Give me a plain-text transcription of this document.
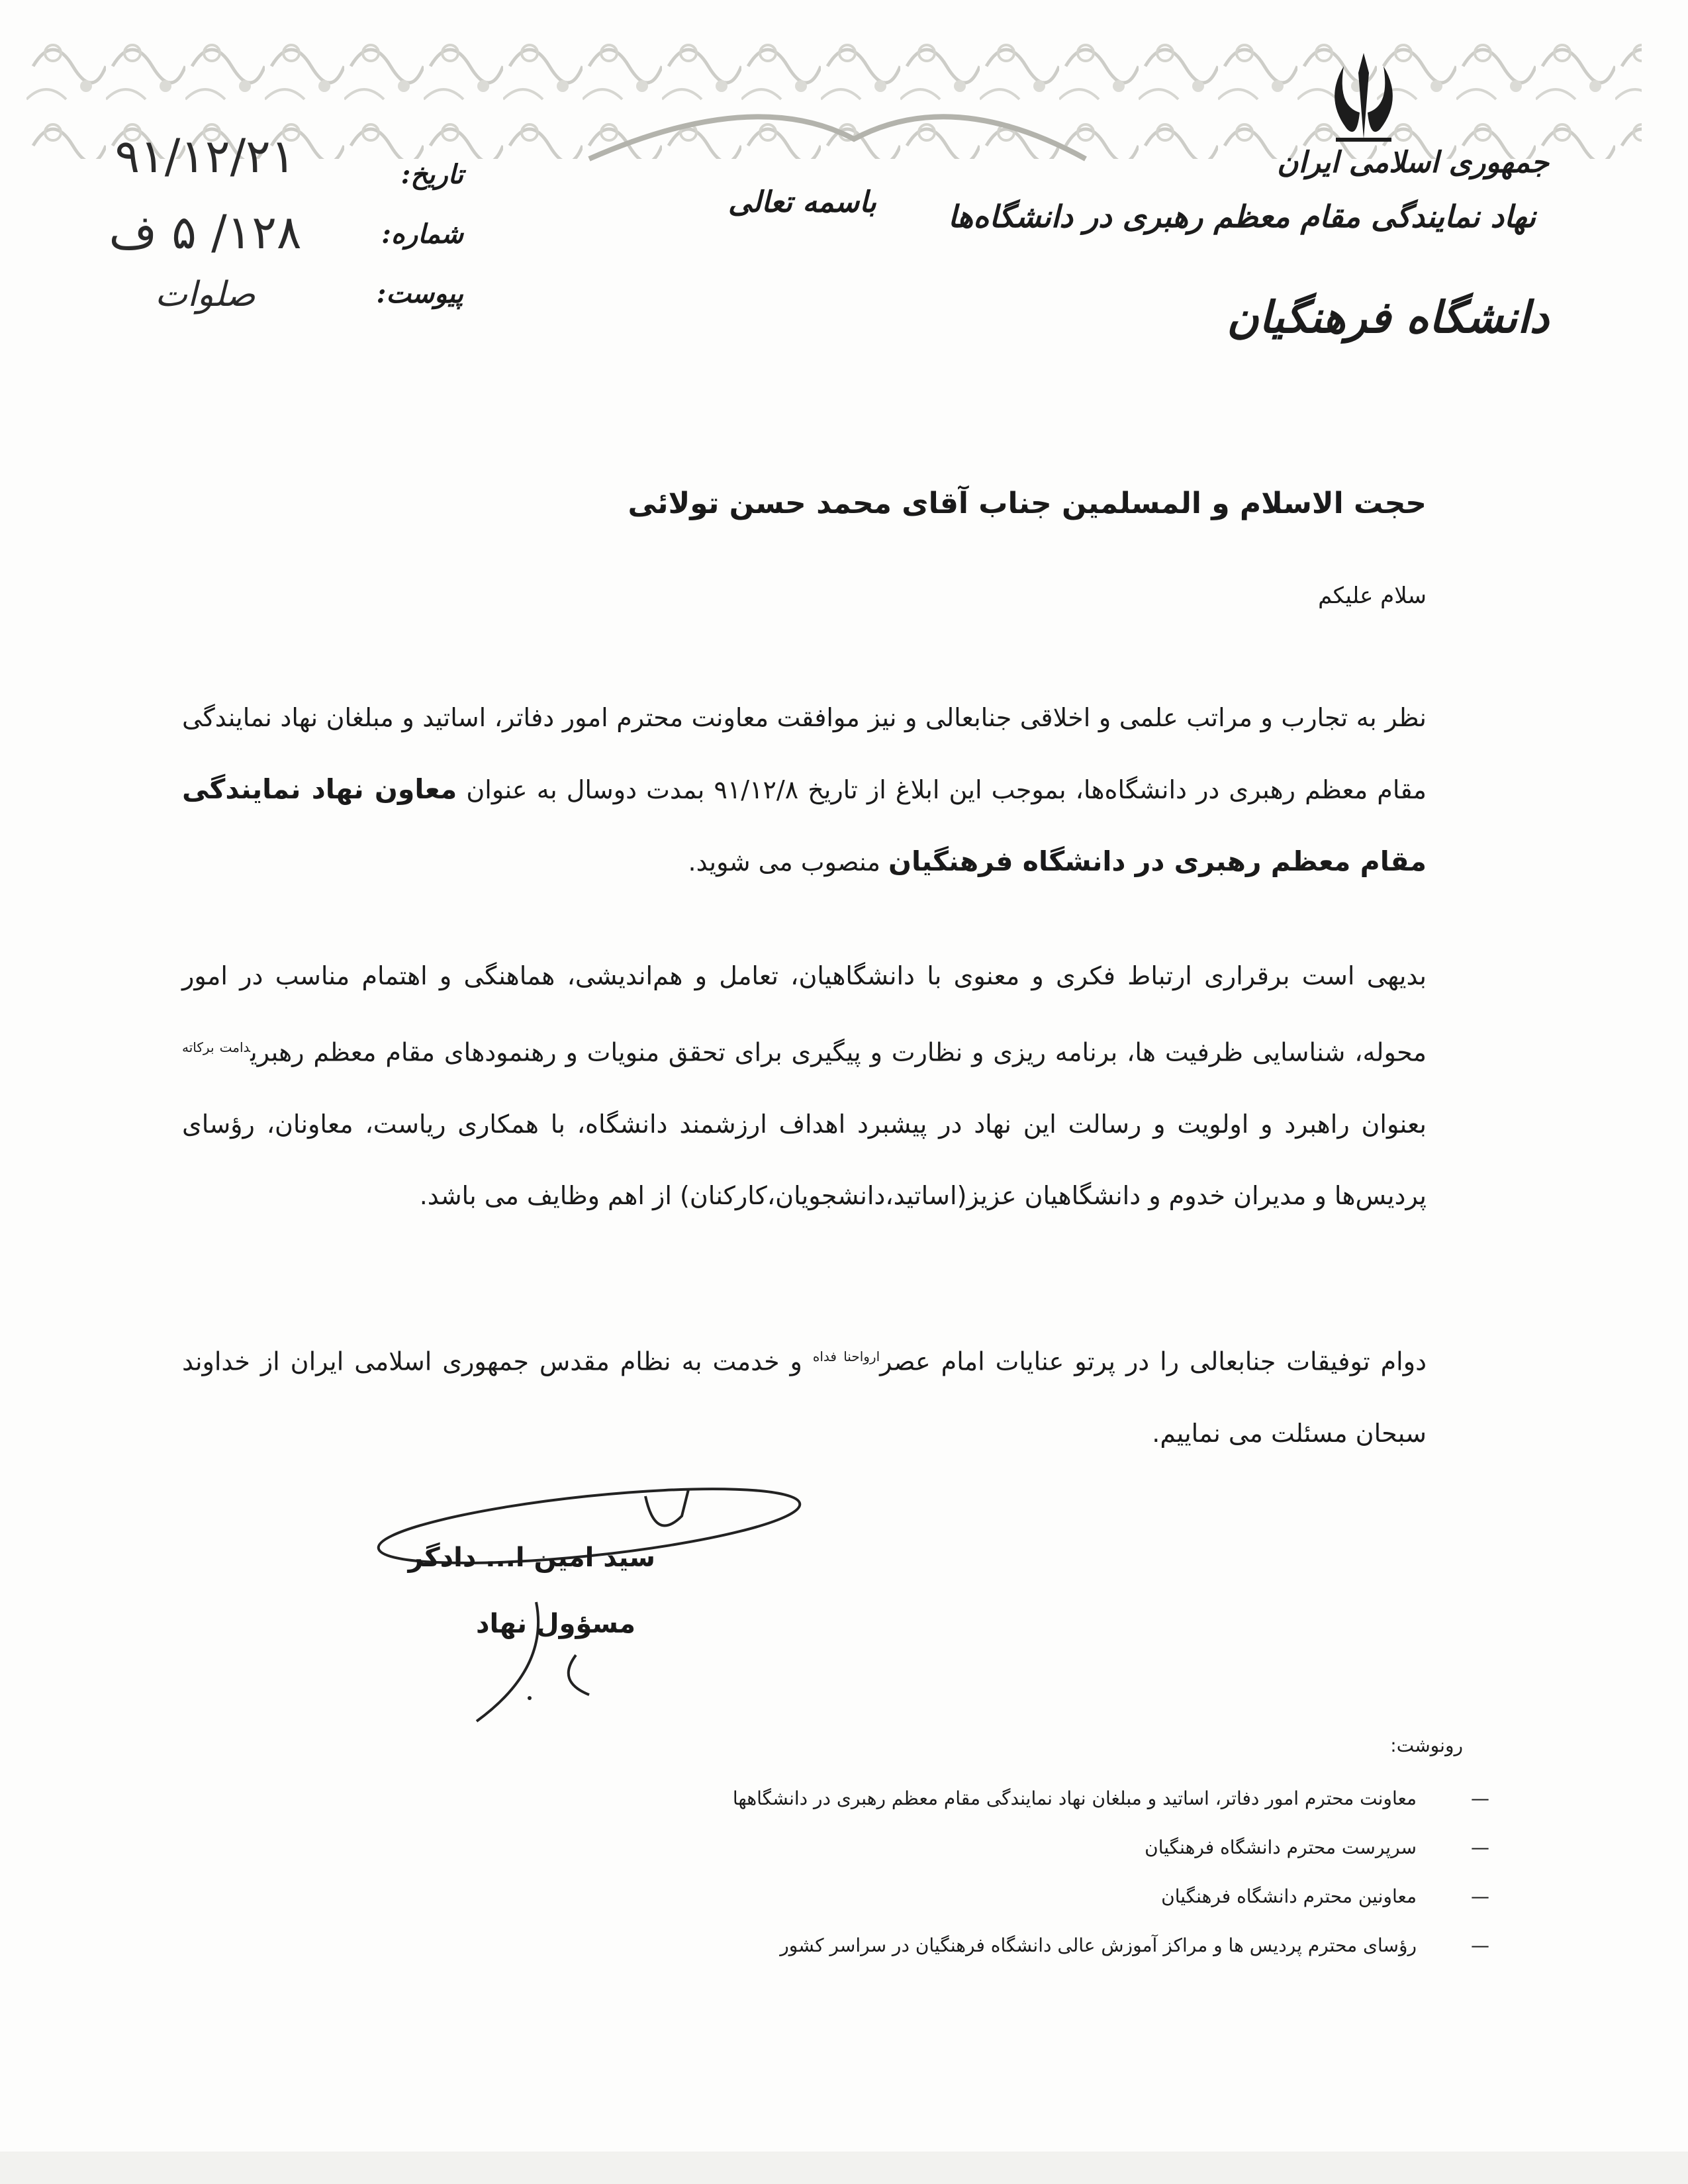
جمهوری اسلامی ایران
نهاد نمایندگی مقام معظم رهبری در دانشگاه‌ها
دانشگاه فرهنگیان
باسمه تعالی
تاریخ:
۹۱/۱۲/۲۱
شماره:
۱۲۸/ ۵ ف
پیوست:
صلوات
حجت الاسلام و المسلمین جناب آقای محمد حسن تولائی
سلام علیکم
نظر به تجارب و مراتب علمی و اخلاقی جنابعالی و نیز موافقت معاونت محترم امور دفاتر، اساتید و مبلغان نهاد نمایندگی مقام معظم رهبری در دانشگاه‌ها، بموجب این ابلاغ از تاریخ ۹۱/۱۲/۸ بمدت دوسال به عنوان معاون نهاد نمایندگی مقام معظم رهبری در دانشگاه فرهنگیان منصوب می شوید.
بدیهی است برقراری ارتباط فکری و معنوی با دانشگاهیان، تعامل و هم‌اندیشی، هماهنگی و اهتمام مناسب در امور محوله، شناسایی ظرفیت ها، برنامه ریزی و نظارت و پیگیری برای تحقق منویات و رهنمودهای مقام معظم رهبری$^{دامت برکاته}$ بعنوان راهبرد و اولویت و رسالت این نهاد در پیشبرد اهداف ارزشمند دانشگاه، با همکاری ریاست، معاونان، رؤسای پردیس‌ها و مدیران خدوم و دانشگاهیان عزیز(اساتید،دانشجویان،کارکنان) از اهم وظایف می باشد.
دوام توفیقات جنابعالی را در پرتو عنایات امام عصر$^{ارواحنا فداه}$ و خدمت به نظام مقدس جمهوری اسلامی ایران از خداوند سبحان مسئلت می نماییم.
سید امین ا... دادگر
مسؤول نهاد
رونوشت:
—
معاونت محترم امور دفاتر، اساتید و مبلغان نهاد نمایندگی مقام معظم رهبری در دانشگاهها
—
سرپرست محترم دانشگاه فرهنگیان
—
معاونین محترم دانشگاه فرهنگیان
—
رؤسای محترم پردیس ها و مراکز آموزش عالی دانشگاه فرهنگیان در سراسر کشور
